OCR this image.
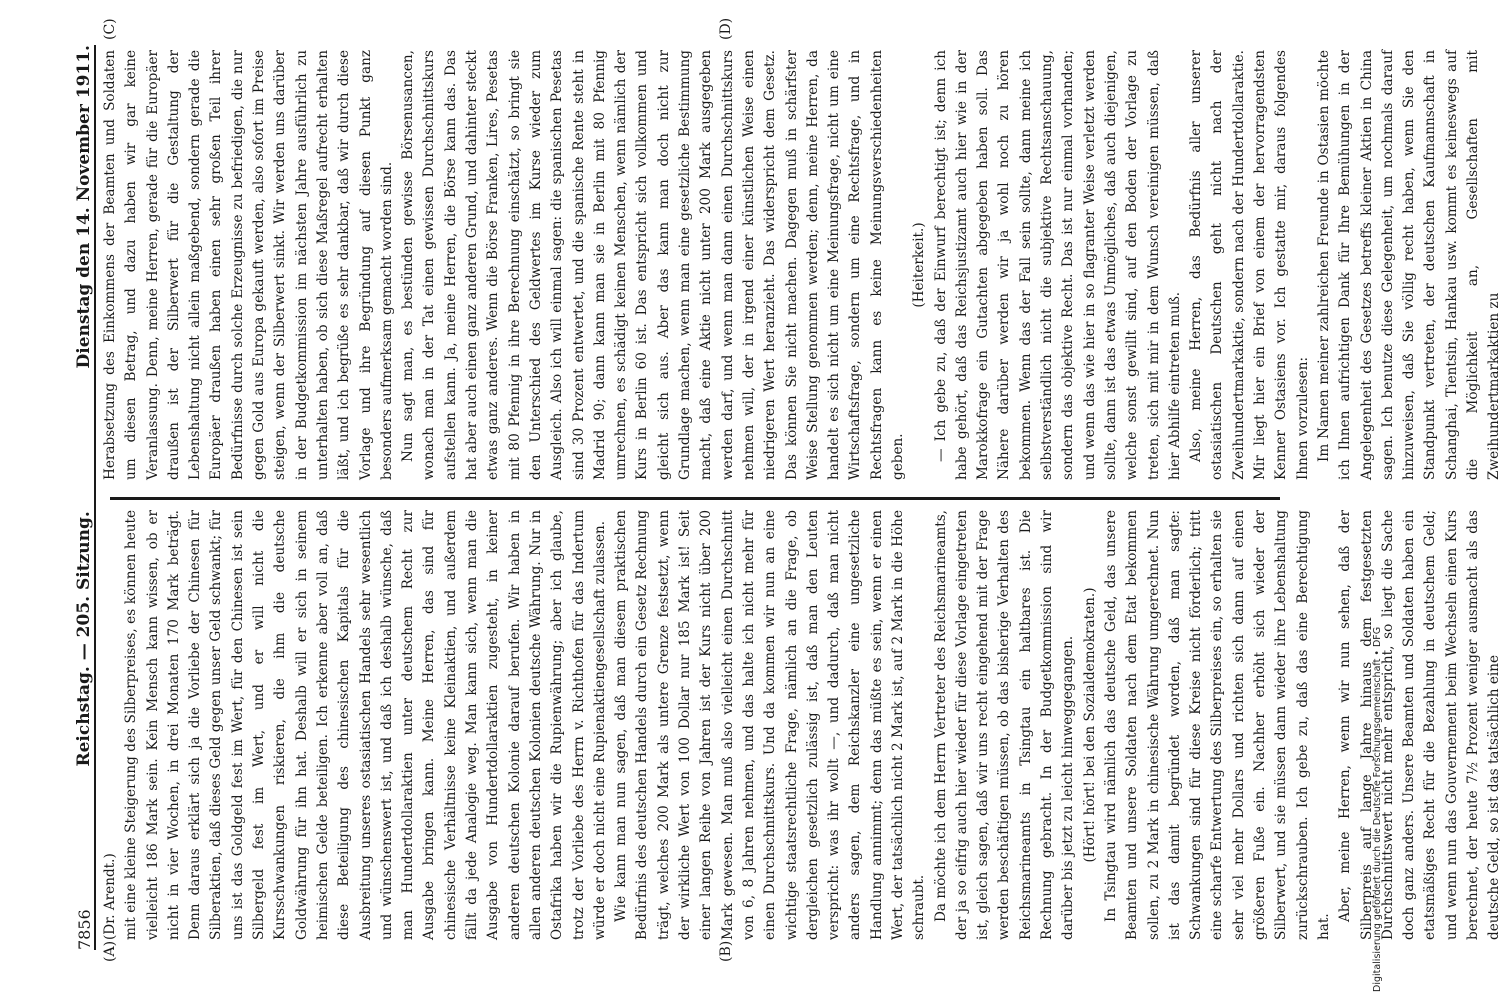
7856
Reichstag. — 205. Sitzung.
Dienstag den 14. November 1911.
(A)	(B)
(C)	(D)

(Dr. Arendt.) mit eine kleine Steigerung des Silberpreises, es können heute vielleicht 186 Mark sein. Kein Mensch kann wissen, ob er nicht in vier Wochen, in drei Monaten 170 Mark beträgt. Denn daraus erklärt sich ja die Vorliebe der Chinesen für Silberaktien, daß dieses Geld gegen unser Geld schwankt; für uns ist das Goldgeld fest im Wert, für den Chinesen ist sein Silbergeld fest im Wert, und er will nicht die Kursschwankungen riskieren, die ihm die deutsche Goldwährung für ihn hat. Deshalb will er sich in seinem heimischen Gelde beteiligen. Ich erkenne aber voll an, daß diese Beteiligung des chinesischen Kapitals für die Ausbreitung unseres ostasiatischen Handels sehr wesentlich und wünschenswert ist, und daß ich deshalb wünsche, daß man Hundertdollaraktien unter deutschem Recht zur Ausgabe bringen kann. Meine Herren, das sind für chinesische Verhältnisse keine Kleinaktien, und außerdem fällt da jede Analogie weg. Man kann sich, wenn man die Ausgabe von Hundertdollaraktien zugesteht, in keiner anderen deutschen Kolonie darauf berufen. Wir haben in allen anderen deutschen Kolonien deutsche Währung. Nur in Ostafrika haben wir die Rupienwährung; aber ich glaube, trotz der Vorliebe des Herrn v. Richthofen für das Indertum würde er doch nicht eine Rupienaktiengesellschaft zulassen. Wie kann man nun sagen, daß man diesem praktischen Bedürfnis des deutschen Handels durch ein Gesetz Rechnung trägt, welches 200 Mark als untere Grenze festsetzt, wenn der wirkliche Wert von 100 Dollar nur 185 Mark ist! Seit einer langen Reihe von Jahren ist der Kurs nicht über 200 Mark gewesen. Man muß also vielleicht einen Durchschnitt von 6, 8 Jahren nehmen, und das halte ich nicht mehr für einen Durchschnittskurs. Und da kommen wir nun an eine wichtige staatsrechtliche Frage, nämlich an die Frage, ob dergleichen gesetzlich zulässig ist, daß man den Leuten verspricht: was ihr wollt —, und dadurch, daß man nicht anders sagen, dem Reichskanzler eine ungesetzliche Handlung annimmt; denn das müßte es sein, wenn er einen Wert, der tatsächlich nicht 2 Mark ist, auf 2 Mark in die Höhe schraubt. Da möchte ich dem Herrn Vertreter des Reichsmarineamts, der ja so eifrig auch hier wieder für diese Vorlage eingetreten ist, gleich sagen, daß wir uns recht eingehend mit der Frage werden beschäftigen müssen, ob das bisherige Verhalten des Reichsmarineamts in Tsingtau ein haltbares ist. Die Rechnung gebracht. In der Budgetkommission sind wir darüber bis jetzt zu leicht hinweggegangen. (Hört! hört! bei den Sozialdemokraten.) In Tsingtau wird nämlich das deutsche Geld, das unsere Beamten und unsere Soldaten nach dem Etat bekommen sollen, zu 2 Mark in chinesische Währung umgerechnet. Nun ist das damit begründet worden, daß man sagte: Schwankungen sind für diese Kreise nicht förderlich; tritt eine scharfe Entwertung des Silberpreises ein, so erhalten sie sehr viel mehr Dollars und richten sich dann auf einen größeren Fuße ein. Nachher erhöht sich wieder der Silberwert, und sie müssen dann wieder ihre Lebenshaltung zurückschrauben. Ich gebe zu, daß das eine Berechtigung hat.

Aber, meine Herren, wenn wir nun sehen, daß der Silberpreis auf lange Jahre hinaus dem festgesetzten Durchschnittswert nicht mehr entspricht, so liegt die Sache doch ganz anders. Unsere Beamten und Soldaten haben ein etatsmäßiges Recht für die Bezahlung in deutschem Geld; und wenn nun das Gouvernement beim Wechseln einen Kurs berechnet, der heute 7½ Prozent weniger ausmacht als das deutsche Geld, so ist das tatsächlich eine

Herabsetzung des Einkommens der Beamten und Soldaten um diesen Betrag, und dazu haben wir gar keine Veranlassung. Denn, meine Herren, gerade für die Europäer draußen ist der Silberwert für die Gestaltung der Lebenshaltung nicht allein maßgebend, sondern gerade die Europäer draußen haben einen sehr großen Teil ihrer Bedürfnisse durch solche Erzeugnisse zu befriedigen, die nur gegen Gold aus Europa gekauft werden, also sofort im Preise steigen, wenn der Silberwert sinkt. Wir werden uns darüber in der Budgetkommission im nächsten Jahre ausführlich zu unterhalten haben, ob sich diese Maßregel aufrecht erhalten läßt, und ich begrüße es sehr dankbar, daß wir durch diese Vorlage und ihre Begründung auf diesen Punkt ganz besonders aufmerksam gemacht worden sind. Nun sagt man, es bestünden gewisse Börsenusancen, wonach man in der Tat einen gewissen Durchschnittskurs aufstellen kann. Ja, meine Herren, die Börse kann das. Das hat aber auch einen ganz anderen Grund, und dahinter steckt etwas ganz anderes. Wenn die Börse Franken, Lires, Pesetas mit 80 Pfennig in ihre Berechnung einschätzt, so bringt sie den Unterschied des Geldwertes im Kurse wieder zum Ausgleich. Also ich will einmal sagen: die spanischen Pesetas sind 30 Prozent entwertet, und die spanische Rente steht in Madrid 90; dann kann man sie in Berlin mit 80 Pfennig umrechnen, es schädigt keinen Menschen, wenn nämlich der Kurs in Berlin 60 ist. Das entspricht sich vollkommen und gleicht sich aus. Aber das kann man doch nicht zur Grundlage machen, wenn man eine gesetzliche Bestimmung macht, daß eine Aktie nicht unter 200 Mark ausgegeben werden darf, und wenn man dann einen Durchschnittskurs nehmen will, der in irgend einer künstlichen Weise einen niedrigeren Wert heranzieht. Das widerspricht dem Gesetz. Das können Sie nicht machen. Dagegen muß in schärfster Weise Stellung genommen werden; denn, meine Herren, da handelt es sich nicht um eine Meinungsfrage, nicht um eine Wirtschaftsfrage, sondern um eine Rechtsfrage, und in Rechtsfragen kann es keine Meinungsverschiedenheiten geben.

(Heiterkeit.) — Ich gebe zu, daß der Einwurf berechtigt ist; denn ich habe gehört, daß das Reichsjustizamt auch hier wie in der Marokkofrage ein Gutachten abgegeben haben soll. Das Nähere darüber werden wir ja wohl noch zu hören bekommen. Wenn das der Fall sein sollte, dann meine ich selbstverständlich nicht die subjektive Rechtsanschauung, sondern das objektive Recht. Das ist nur einmal vorhanden; und wenn das wie hier in so flagranter Weise verletzt werden sollte, dann ist das etwas Unmögliches, daß auch diejenigen, welche sonst gewillt sind, auf den Boden der Vorlage zu treten, sich mit mir in dem Wunsch vereinigen müssen, daß hier Abhilfe eintreten muß. Also, meine Herren, das Bedürfnis aller unserer ostasiatischen Deutschen geht nicht nach der Zweihundertmarkaktie, sondern nach der Hundertdollaraktie. Mir liegt hier ein Brief von einem der hervorragendsten Kenner Ostasiens vor. Ich gestatte mir, daraus folgendes Ihnen vorzulesen: Im Namen meiner zahlreichen Freunde in Ostasien möchte ich Ihnen aufrichtigen Dank für Ihre Bemühungen in der Angelegenheit des Gesetzes betreffs kleiner Aktien in China sagen. Ich benutze diese Gelegenheit, um nochmals darauf hinzuweisen, daß Sie völlig recht haben, wenn Sie den Standpunkt vertreten, der deutschen Kaufmannschaft in Schanghai, Tientsin, Hankau usw. kommt es keineswegs auf die Möglichkeit an, Gesellschaften mit Zweihundertmarkaktien zu

Digitalisierung gefördert durch die Deutsche Forschungsgemeinschaft • DFG
